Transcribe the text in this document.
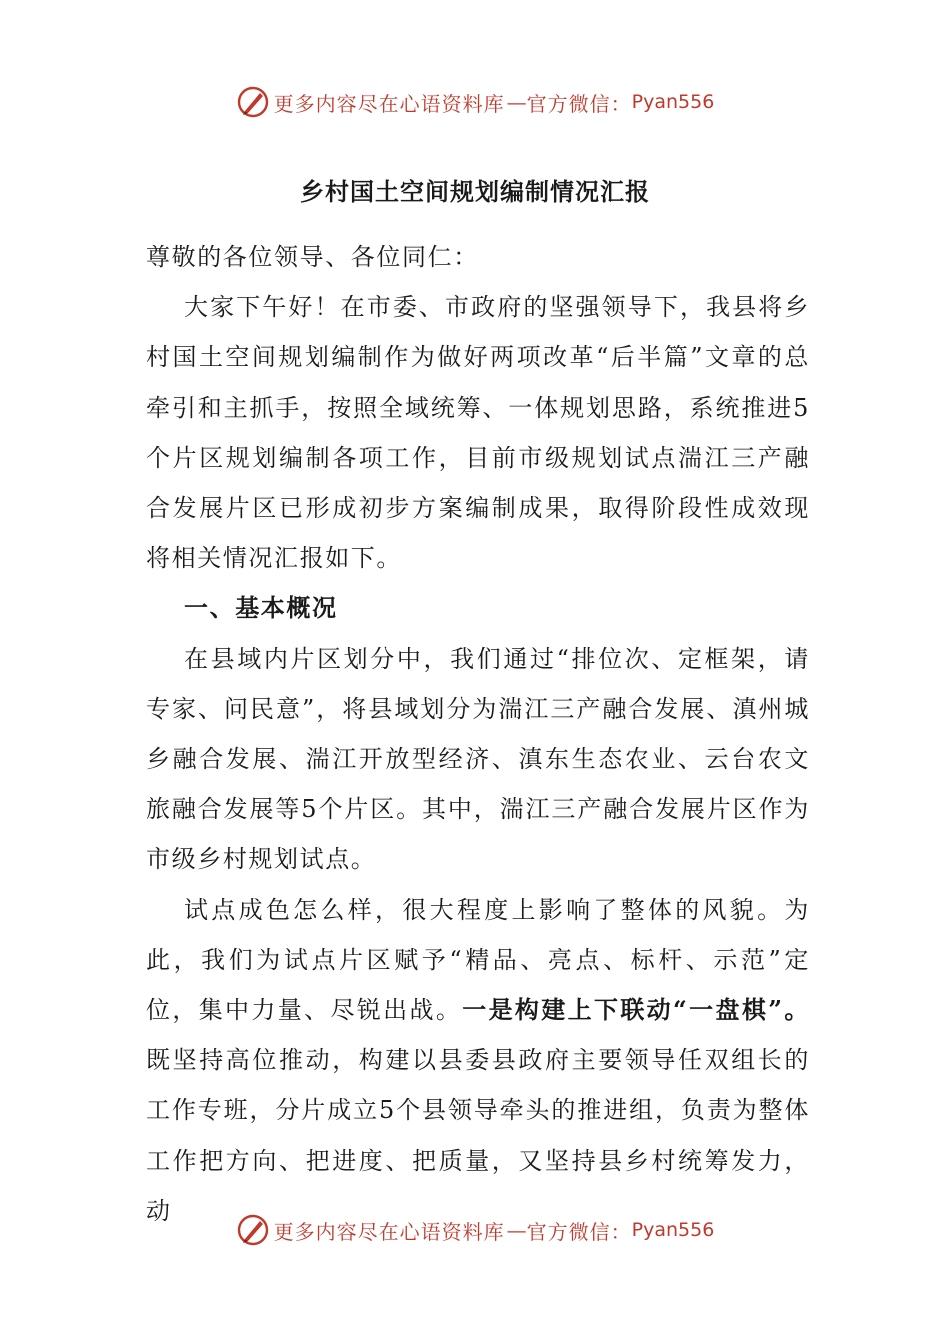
更多内容尽在心语资料库 — 官方微信： Pyan556
乡村国土空间规划编制情况汇报

尊敬的各位领导、各位同仁：

大家下午好！在市委、市政府的坚强领导下，我县将乡村国土空间规划编制作为做好两项改革“后半篇”文章的总牵引和主抓手，按照全域统筹、一体规划思路，系统推进5个片区规划编制各项工作，目前市级规划试点湍江三产融合发展片区已形成初步方案编制成果，取得阶段性成效现将相关情况汇报如下。

一、基本概况

在县域内片区划分中，我们通过“排位次、定框架，请专家、问民意”，将县域划分为湍江三产融合发展、滇州城乡融合发展、湍江开放型经济、滇东生态农业、云台农文旅融合发展等5个片区。其中，湍江三产融合发展片区作为市级乡村规划试点。

试点成色怎么样，很大程度上影响了整体的风貌。为此，我们为试点片区赋予“精品、亮点、标杆、示范”定位，集中力量、尽锐出战。一是构建上下联动“一盘棋”。既坚持高位推动，构建以县委县政府主要领导任双组长的工作专班，分片成立5个县领导牵头的推进组，负责为整体工作把方向、把进度、把质量，又坚持县乡村统筹发力，动

更多内容尽在心语资料库 — 官方微信： Pyan556
